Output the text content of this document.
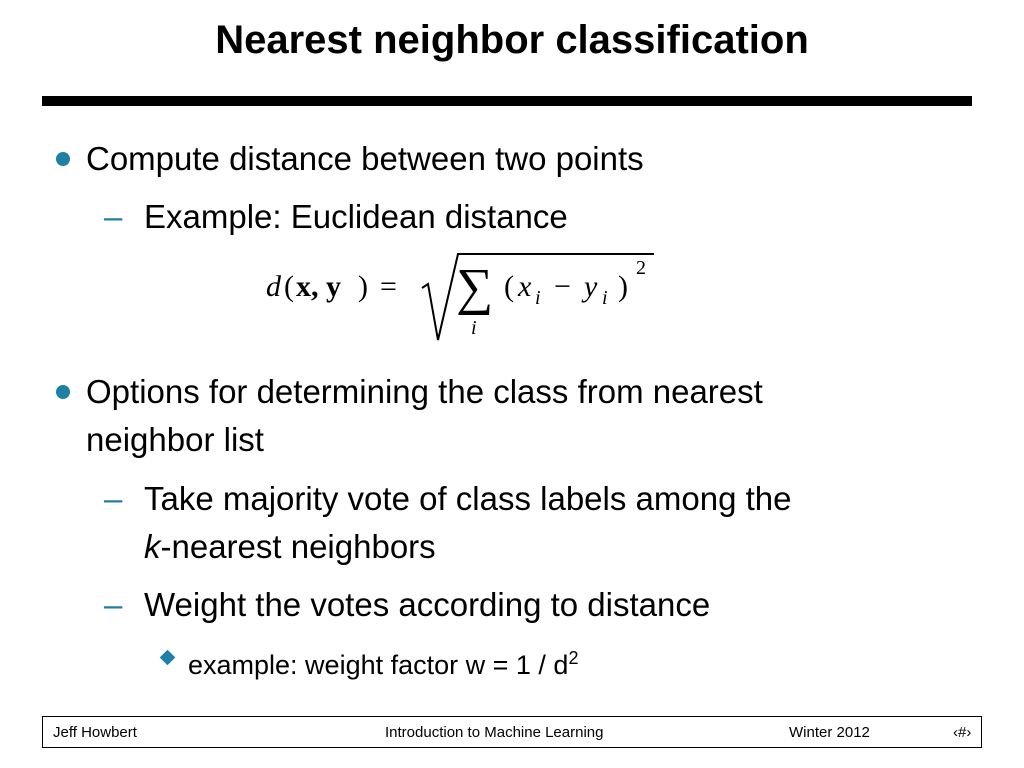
Nearest neighbor classification
Compute distance between two points
– Example: Euclidean distance
d ( x, y ) = ∑
i
( x i − y i )
2
Options for determining the class from nearest
neighbor list
– Take majority vote of class labels among the
k-nearest neighbors
– Weight the votes according to distance
example: weight factor $w = 1 / d^2$
Jeff Howbert	Introduction to Machine Learning	Winter 2012	‹#›
